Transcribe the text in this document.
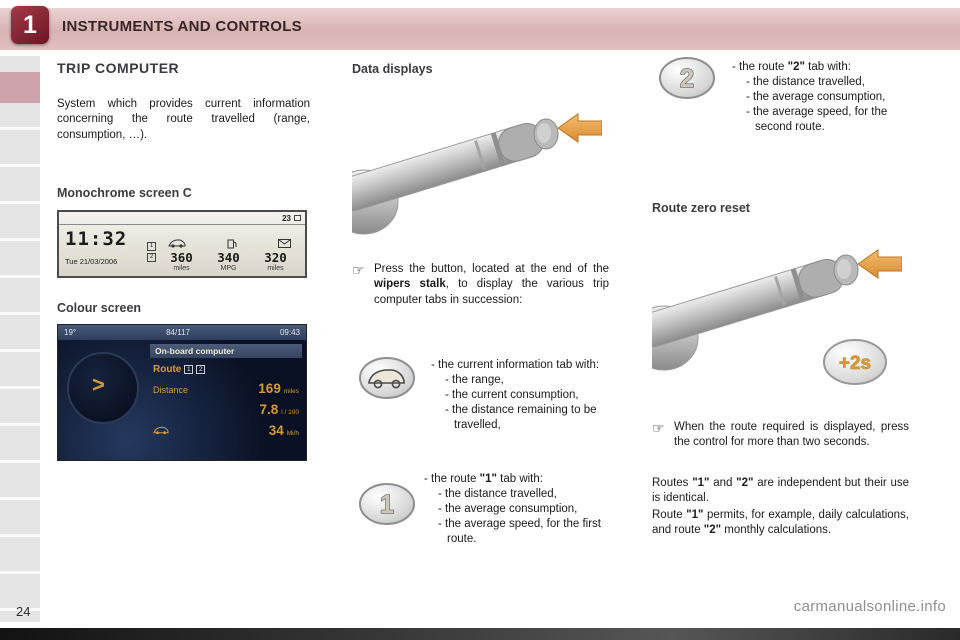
1 INSTRUMENTS AND CONTROLS
TRIP COMPUTER
System which provides current information concerning the route travelled (range, consumption, …).
Monochrome screen C
23
11:32
Tue 21/03/2006
1
2	360	340	320
miles	MPG	miles
Colour screen
19°	84/117	09:43
>
On-board computer
Route 1	2
Distance	169 miles
7.8 l / 100
34 Mi/h
Data displays
☞ Press the button, located at the end of the wipers stalk, to display the various trip computer tabs in succession:

- the current information tab with:
- the range,
- the current consumption,
- the distance remaining to be travelled,
1
- the route "1" tab with:
- the distance travelled,
- the average consumption,
- the average speed, for the first route.
2	- the route "2" tab with:
- the distance travelled,
- the average consumption,
- the average speed, for the second route.
Route zero reset
+2s
☞ When the route required is displayed, press the control for more than two seconds.

Routes "1" and "2" are independent but their use is identical.

Route "1" permits, for example, daily calculations, and route "2" monthly calculations.

24	carmanualsonline.info
